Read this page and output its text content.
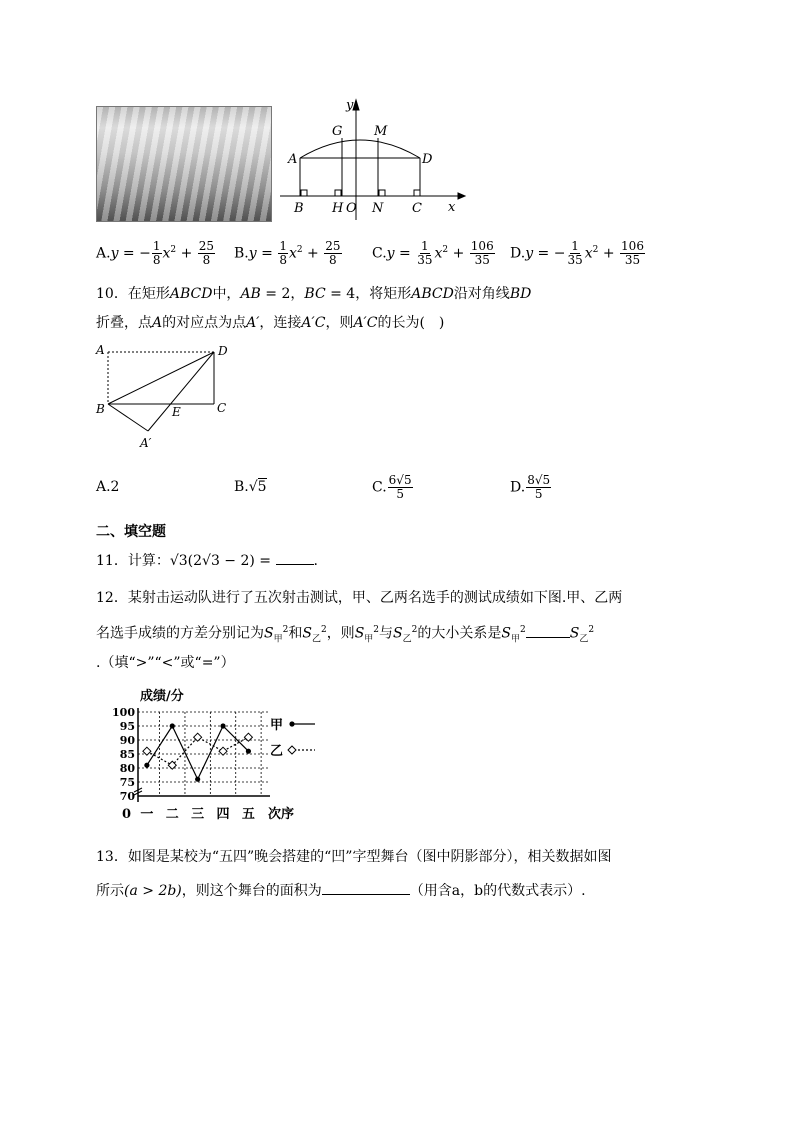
y
x
G M
A	D
B H O N C
A.y = − $\frac{1}{8} x^2 + \frac{25}{8} B.y = \frac{1}{8} x^2 + \frac{25}{8} C.y = \frac{1}{35} x^2 + \frac{106}{35} D.y$ = − $\frac{1}{35} x^2 + \frac{106}{35}$
10．在矩形ABCD中，AB = 2，BC = 4，将矩形ABCD沿对角线BD
折叠，点A的对应点为点A′，连接A′C，则A′C的长为(　)
A	D
B	C
E
A′
A.2	B.√5	C. $\frac{6√5}{5}$	D. $\frac{8√5}{5}$
二、填空题
11．计算：√3(2√3 − 2) =	.
12．某射击运动队进行了五次射击测试，甲、乙两名选手的测试成绩如下图.甲、乙两
名选手成绩的方差分别记为$S_甲^2$和$S_乙^2$，则$S_甲^2$与$S_乙^2$的大小关系是$S_甲^2$	$S_乙^2$
.（填“>”“<”或“=”）
成绩/分
70
75
80
85
90
95
100
一 二 三 四 五
0	次序
甲
乙
13．如图是某校为“五四”晚会搭建的“凹”字型舞台（图中阴影部分），相关数据如图
所示(a > 2b)，则这个舞台的面积为	（用含a，b的代数式表示）.
